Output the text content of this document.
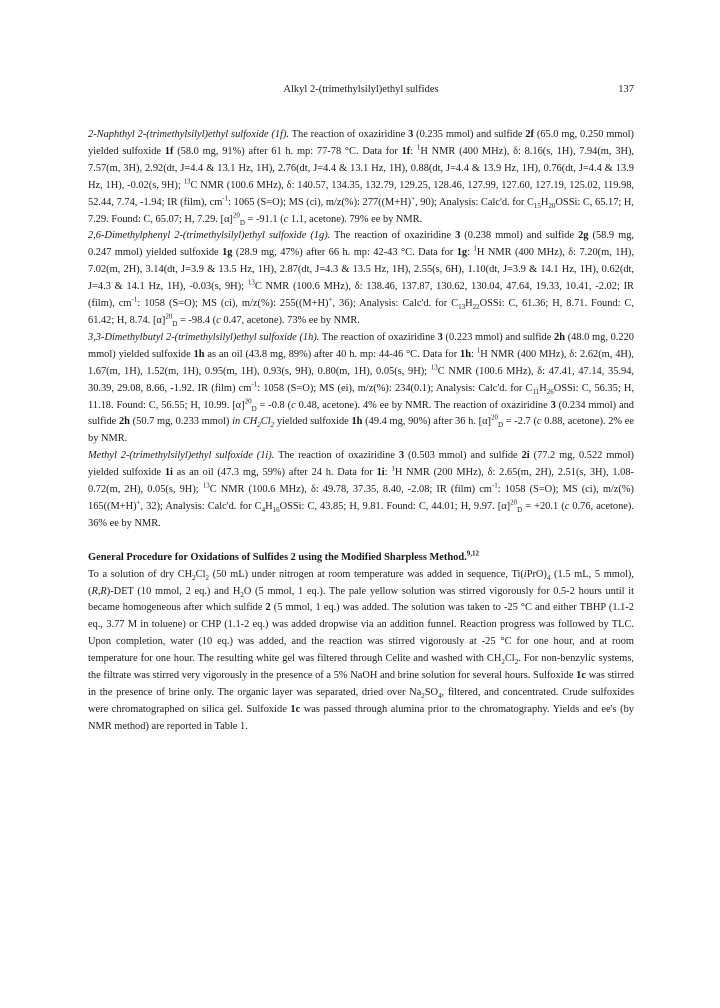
Alkyl 2-(trimethylsilyl)ethyl sulfides	137

2-Naphthyl 2-(trimethylsilyl)ethyl sulfoxide (1f). The reaction of oxaziridine 3 (0.235 mmol) and sulfide 2f (65.0 mg, 0.250 mmol) yielded sulfoxide 1f (58.0 mg, 91%) after 61 h. mp: 77-78 °C. Data for 1f: $^1$H NMR (400 MHz), δ: 8.16(s, 1H), 7.94(m, 3H), 7.57(m, 3H), 2.92(dt, J=4.4 & 13.1 Hz, 1H), 2.76(dt, J=4.4 & 13.1 Hz, 1H), 0.88(dt, J=4.4 & 13.9 Hz, 1H), 0.76(dt, J=4.4 & 13.9 Hz, 1H), -0.02(s, 9H); $^{13}$C NMR (100.6 MHz), δ: 140.57, 134.35, 132.79, 129.25, 128.46, 127.99, 127.60, 127.19, 125.02, 119.98, 52.44, 7.74, -1.94; IR (film), $cm^{-1}$: 1065 (S=O); MS (ci), m/z(%): 277((M+H)+, 90); Analysis: Calc'd. for $C_{15}H_{20}OSSi$: C, 65.17; H, 7.29. Found: C, 65.07; H, 7.29. $[\alpha]^{20}_D = -91.1$ (c 1.1, acetone). 79% ee by NMR.

2,6-Dimethylphenyl 2-(trimethylsilyl)ethyl sulfoxide (1g). The reaction of oxaziridine 3 (0.238 mmol) and sulfide 2g (58.9 mg, 0.247 mmol) yielded sulfoxide 1g (28.9 mg, 47%) after 66 h. mp: 42-43 °C. Data for 1g: $^1$H NMR (400 MHz), δ: 7.20(m, 1H), 7.02(m, 2H), 3.14(dt, J=3.9 & 13.5 Hz, 1H), 2.87(dt, J=4.3 & 13.5 Hz, 1H), 2.55(s, 6H), 1.10(dt, J=3.9 & 14.1 Hz, 1H), 0.62(dt, J=4.3 & 14.1 Hz, 1H), -0.03(s, 9H); $^{13}$C NMR (100.6 MHz), δ: 138.46, 137.87, 130.62, 130.04, 47.64, 19.33, 10.41, -2.02; IR (film), $cm^{-1}$: 1058 (S=O); MS (ci), m/z(%): 255((M+H)+, 36); Analysis: Calc'd. for $C_{13}H_{22}OSSi$: C, 61.36; H, 8.71. Found: C, 61.42; H, 8.74. $[\alpha]^{20}_D = -98.4$ (c 0.47, acetone). 73% ee by NMR.

3,3-Dimethylbutyl 2-(trimethylsilyl)ethyl sulfoxide (1h). The reaction of oxaziridine 3 (0.223 mmol) and sulfide 2h (48.0 mg, 0.220 mmol) yielded sulfoxide 1h as an oil (43.8 mg, 89%) after 40 h. mp: 44-46 °C. Data for 1h: $^1$H NMR (400 MHz), δ: 2.62(m, 4H), 1.67(m, 1H), 1.52(m, 1H), 0.95(m, 1H), 0.93(s, 9H), 0.80(m, 1H), 0.05(s, 9H); $^{13}$C NMR (100.6 MHz), δ: 47.41, 47.14, 35.94, 30.39, 29.08, 8.66, -1.92. IR (film) $cm^{-1}$: 1058 (S=O); MS (ei), m/z(%): 234(0.1); Analysis: Calc'd. for $C_{11}H_{26}OSSi$: C, 56.35; H, 11.18. Found: C, 56.55; H, 10.99. $[\alpha]^{20}_D = -0.8$ (c 0.48, acetone). 4% ee by NMR. The reaction of oxaziridine 3 (0.234 mmol) and sulfide 2h (50.7 mg, 0.233 mmol) in $CH_2Cl_2$ yielded sulfoxide 1h (49.4 mg, 90%) after 36 h. $[\alpha]^{20}_D = -2.7$ (c 0.88, acetone). 2% ee by NMR.

Methyl 2-(trimethylsilyl)ethyl sulfoxide (1i). The reaction of oxaziridine 3 (0.503 mmol) and sulfide 2i (77.2 mg, 0.522 mmol) yielded sulfoxide 1i as an oil (47.3 mg, 59%) after 24 h. Data for 1i: $^1$H NMR (200 MHz), δ: 2.65(m, 2H), 2.51(s, 3H), 1.08-0.72(m, 2H), 0.05(s, 9H); $^{13}$C NMR (100.6 MHz), δ: 49.78, 37.35, 8.40, -2.08; IR (film) $cm^{-1}$: 1058 (S=O); MS (ci), m/z(%) 165((M+H)+, 32); Analysis: Calc'd. for $C_4H_{16}OSSi$: C, 43.85; H, 9.81. Found: C, 44.01; H, 9.97. $[\alpha]^{20}_D = +20.1$ (c 0.76, acetone). 36% ee by NMR.

General Procedure for Oxidations of Sulfides 2 using the Modified Sharpless Method.$^{9,12}$

To a solution of dry $CH_2Cl_2$ (50 mL) under nitrogen at room temperature was added in sequence, $Ti(iPrO)_4$ (1.5 mL, 5 mmol), (R,R)-DET (10 mmol, 2 eq.) and $H_2O$ (5 mmol, 1 eq.). The pale yellow solution was stirred vigorously for 0.5-2 hours until it became homogeneous after which sulfide 2 (5 mmol, 1 eq.) was added. The solution was taken to -25 °C and either TBHP (1.1-2 eq., 3.77 M in toluene) or CHP (1.1-2 eq.) was added dropwise via an addition funnel. Reaction progress was followed by TLC. Upon completion, water (10 eq.) was added, and the reaction was stirred vigorously at -25 °C for one hour, and at room temperature for one hour. The resulting white gel was filtered through Celite and washed with $CH_2Cl_2$. For non-benzylic systems, the filtrate was stirred very vigorously in the presence of a 5% NaOH and brine solution for several hours. Sulfoxide 1c was stirred in the presence of brine only. The organic layer was separated, dried over $Na_2SO_4$, filtered, and concentrated. Crude sulfoxides were chromatographed on silica gel. Sulfoxide 1c was passed through alumina prior to the chromatography. Yields and ee's (by NMR method) are reported in Table 1.
